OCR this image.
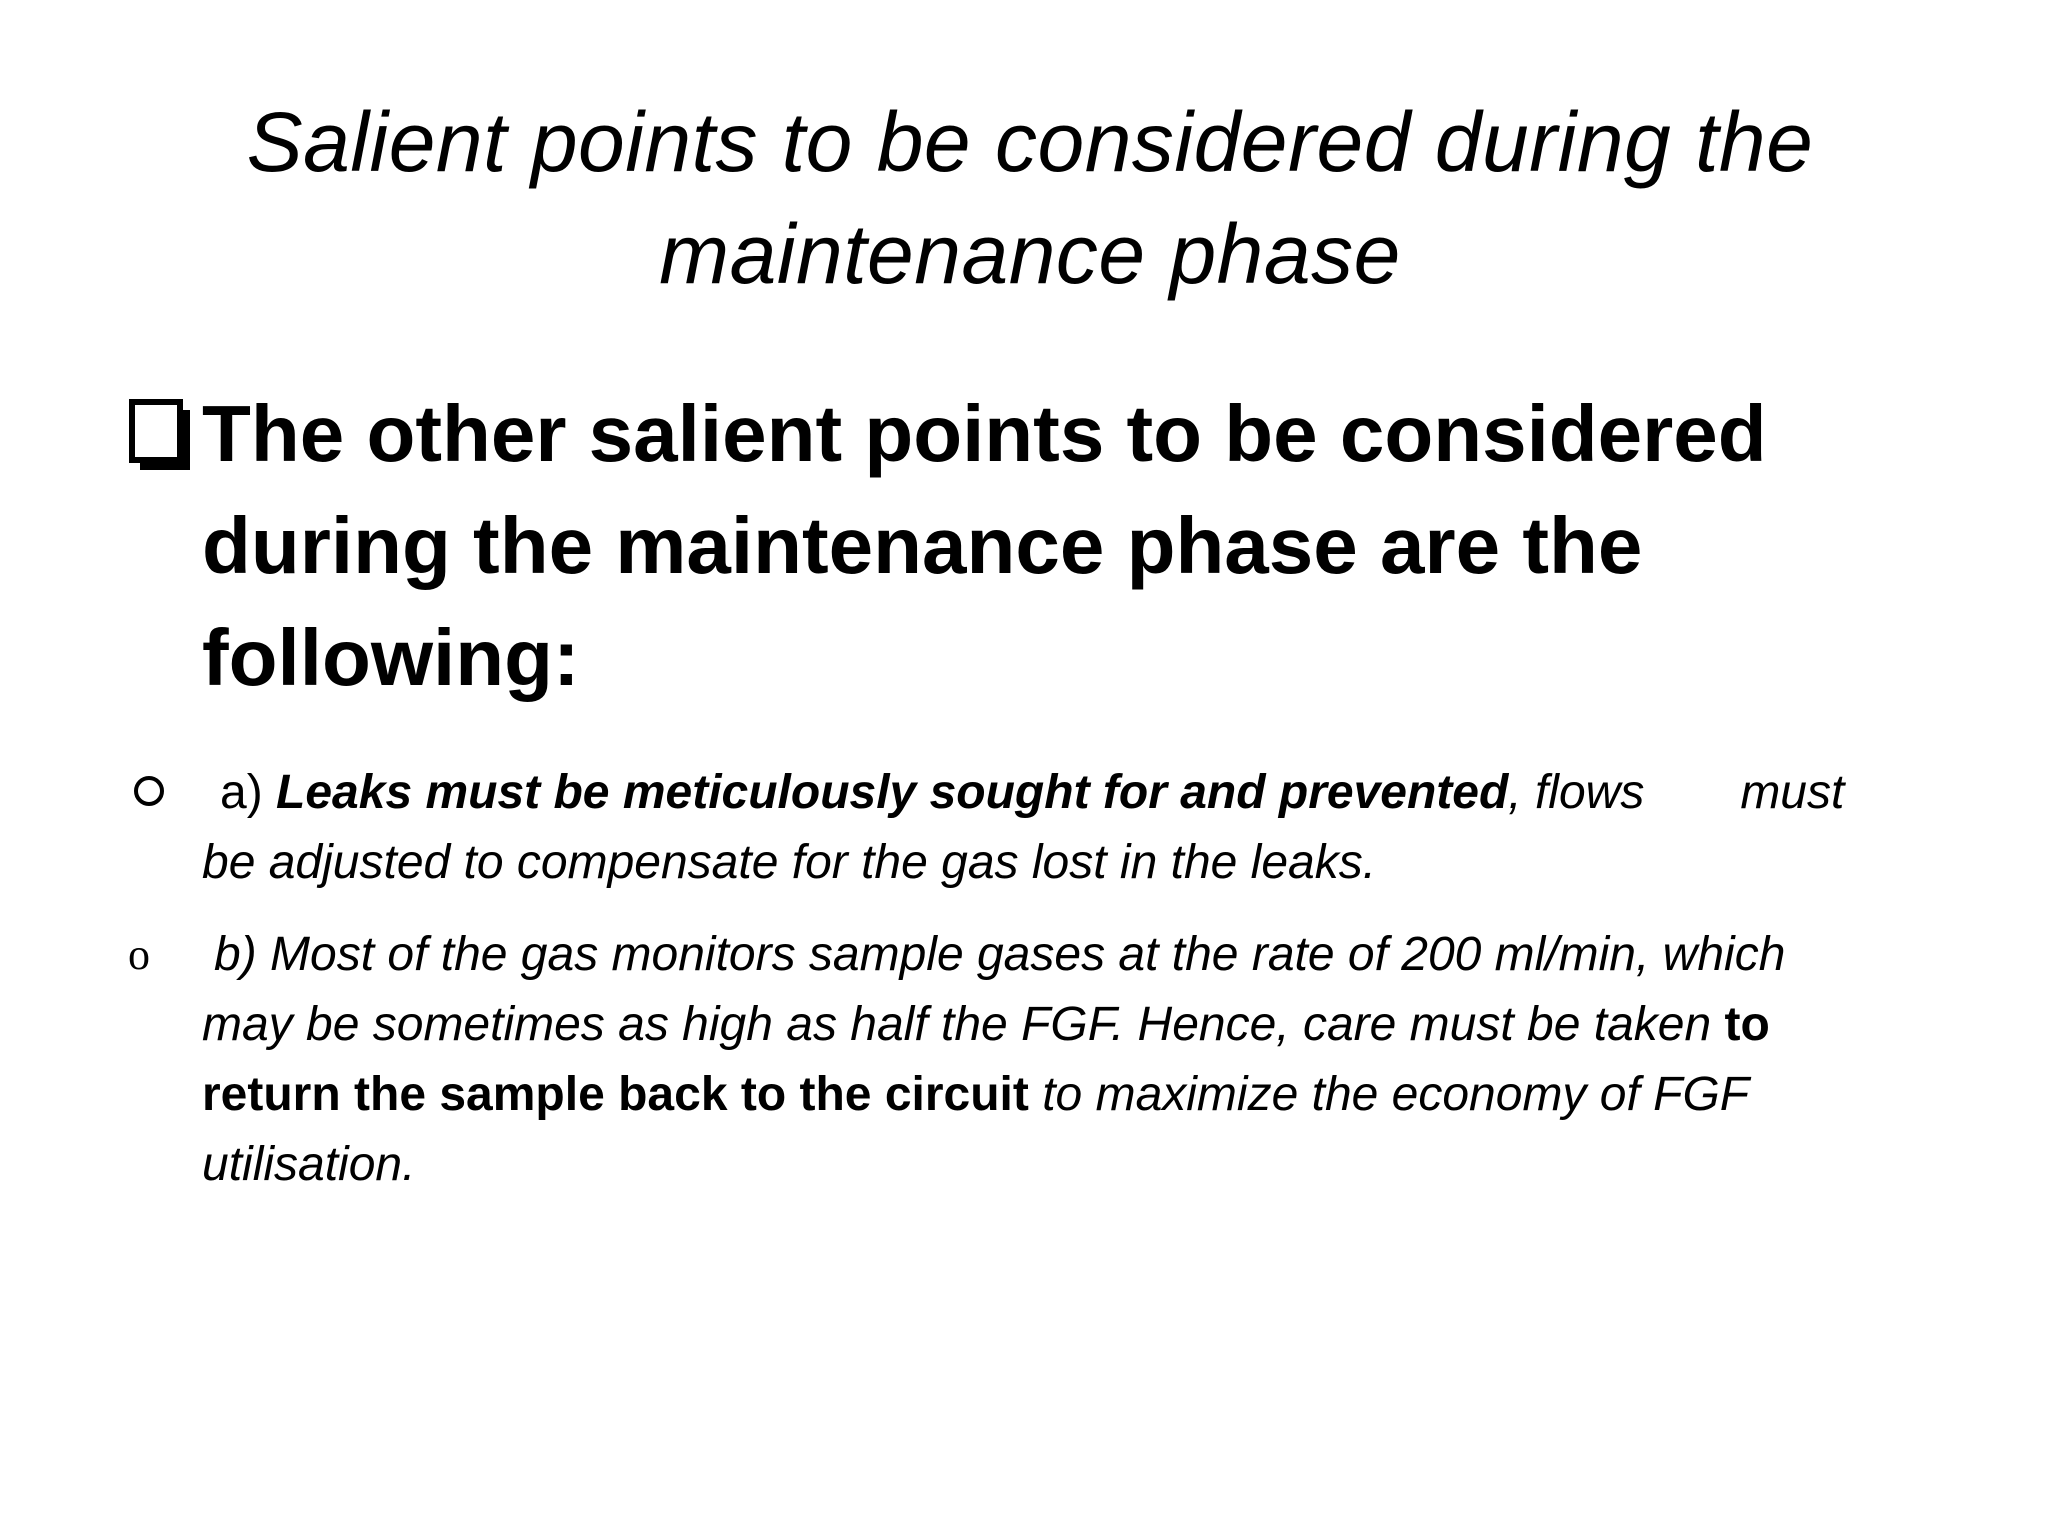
Salient points to be considered during the maintenance phase
The other salient points to be considered during the maintenance phase are the following:
a) Leaks must be meticulously sought for and prevented, flows must be adjusted to compensate for the gas lost in the leaks.
o b) Most of the gas monitors sample gases at the rate of 200 ml/min, which may be sometimes as high as half the FGF. Hence, care must be taken to return the sample back to the circuit to maximize the economy of FGF utilisation.
